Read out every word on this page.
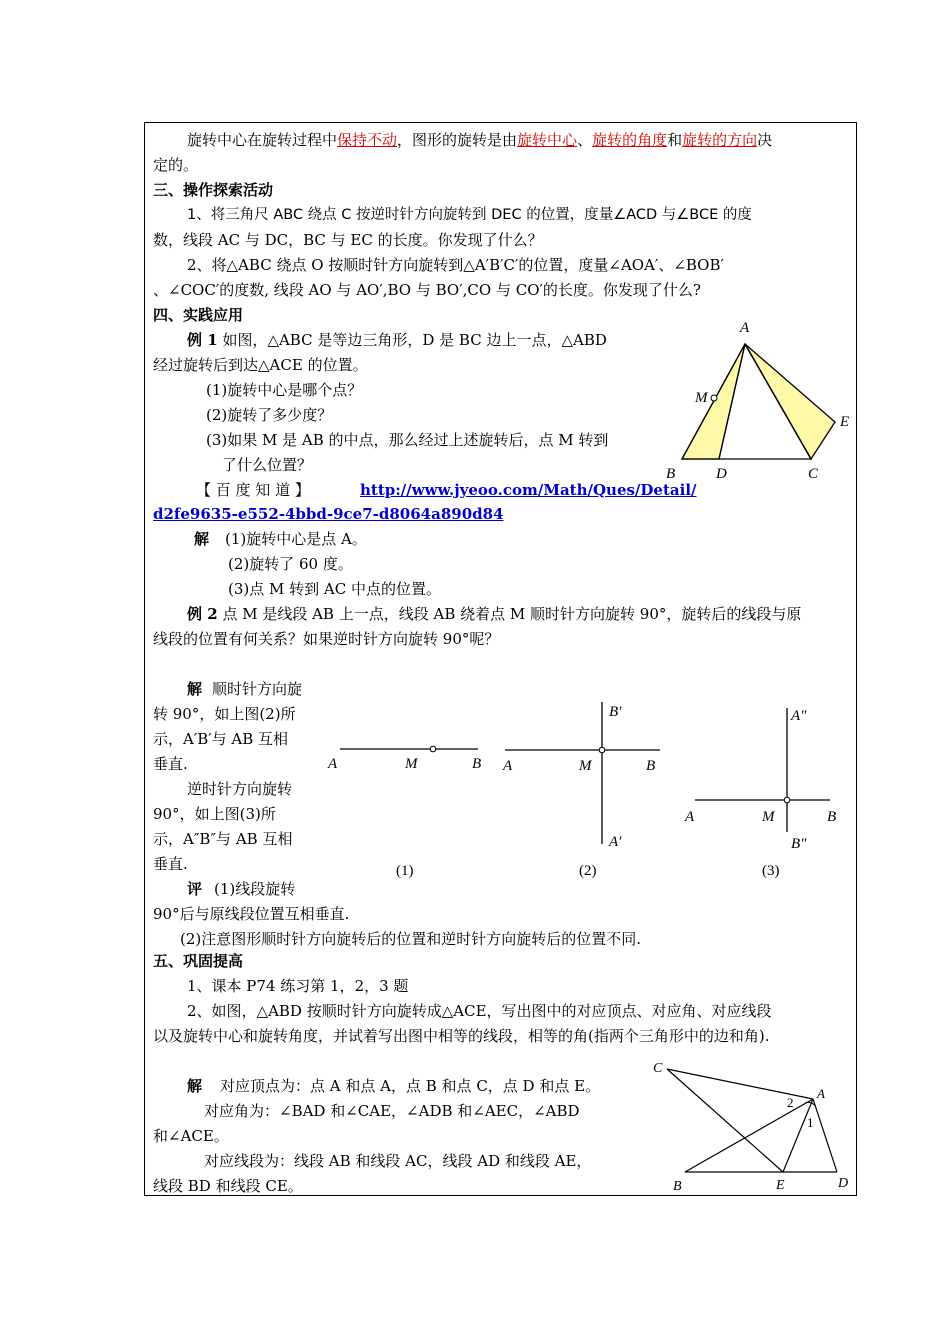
旋转中心在旋转过程中保持不动，图形的旋转是由旋转中心、旋转的角度和旋转的方向决
定的。
三、操作探索活动
1、将三角尺 ABC 绕点 C 按逆时针方向旋转到 DEC 的位置，度量∠ACD 与∠BCE 的度
数，线段 AC 与 DC，BC 与 EC 的长度。你发现了什么？
2、将△ABC 绕点 O 按顺时针方向旋转到△A′B′C′的位置，度量∠AOA′、∠BOB′
、∠COC′的度数, 线段 AO 与 AO′,BO 与 BO′,CO 与 CO′的长度。你发现了什么?
四、实践应用
例 1 如图，△ABC 是等边三角形，D 是 BC 边上一点，△ABD
经过旋转后到达△ACE 的位置。
(1)旋转中心是哪个点？
(2)旋转了多少度？
(3)如果 M 是 AB 的中点，那么经过上述旋转后，点 M 转到
了什么位置？
【 百 度 知 道 】	http://www.jyeoo.com/Math/Ques/Detail/
d2fe9635-e552-4bbd-9ce7-d8064a890d84
A
M
E
B	D	C
解 (1)旋转中心是点 A。
(2)旋转了 60 度。
(3)点 M 转到 AC 中点的位置。
例 2 点 M 是线段 AB 上一点，线段 AB 绕着点 M 顺时针方向旋转 90°，旋转后的线段与原
线段的位置有何关系？如果逆时针方向旋转 90°呢？
解 顺时针方向旋
转 90°，如上图(2)所
示，A′B′与 AB 互相
垂直.
逆时针方向旋转
90°，如上图(3)所
示，A″B″与 AB 互相
垂直.
评 (1)线段旋转
90°后与原线段位置互相垂直.
(2)注意图形顺时针方向旋转后的位置和逆时针方向旋转后的位置不同.
A	M	B
(1)
A	M	B
B′
A′
(2)
A	M	B
A″
B″
(3)
五、巩固提高
1、课本 P74 练习第 1，2，3 题
2、如图，△ABD 按顺时针方向旋转成△ACE，写出图中的对应顶点、对应角、对应线段
以及旋转中心和旋转角度，并试着写出图中相等的线段，相等的角(指两个三角形中的边和角).
解 对应顶点为：点 A 和点 A，点 B 和点 C，点 D 和点 E。
对应角为：∠BAD 和∠CAE，∠ADB 和∠AEC，∠ABD
和∠ACE。
对应线段为：线段 AB 和线段 AC，线段 AD 和线段 AE，
线段 BD 和线段 CE。
C
A
2
1
B	E	D
